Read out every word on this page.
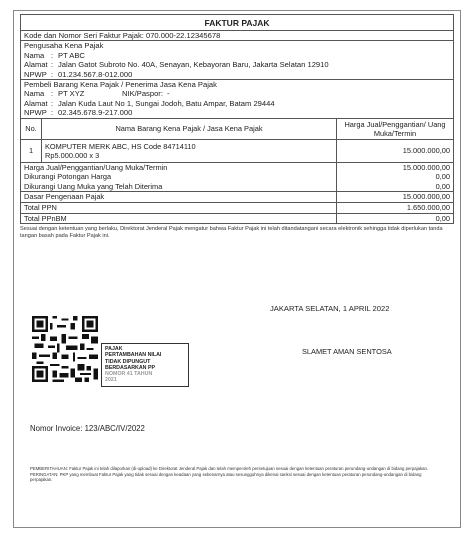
FAKTUR PAJAK
Kode dan Nomor Seri Faktur Pajak: 070.000-22.12345678
Pengusaha Kena Pajak
Nama : PT ABC
Alamat : Jalan Gatot Subroto No. 40A, Senayan, Kebayoran Baru, Jakarta Selatan 12910
NPWP : 01.234.567.8-012.000
Pembeli Barang Kena Pajak / Penerima Jasa Kena Pajak
Nama : PT XYZ	NIK/Paspor: -
Alamat : Jalan Kuda Laut No 1, Sungai Jodoh, Batu Ampar, Batam 29444
NPWP : 02.345.678.9-217.000
No.	Nama Barang Kena Pajak / Jasa Kena Pajak	Harga Jual/Penggantian/ Uang Muka/Termin
1	KOMPUTER MERK ABC, HS Code 84714110
Rp5.000.000 x 3	15.000.000,00
Harga Jual/Penggantian/Uang Muka/Termin		15.000.000,00
Dikurangi Potongan Harga		0,00
Dikurangi Uang Muka yang Telah Diterima		0,00
Dasar Pengenaan Pajak		15.000.000,00
Total PPN		1.650.000,00
Total PPnBM		0,00
Sesuai dengan ketentuan yang berlaku, Direktorat Jenderal Pajak mengatur bahwa Faktur Pajak ini telah ditandatangani secara elektronik sehingga tidak diperlukan tanda tangan basah pada Faktur Pajak ini.
JAKARTA SELATAN, 1 APRIL 2022
SLAMET AMAN SENTOSA
PAJAK
PERTAMBAHAN NILAI
TIDAK DIPUNGUT
BERDASARKAN PP
NOMOR 41 TAHUN
2021
Nomor Invoice: 123/ABC/IV/2022
PEMBERITAHUAN: Faktur Pajak ini telah dilaporkan (di-upload) ke Direktorat Jenderal Pajak dan telah memperoleh persetujuan sesuai dengan ketentuan peraturan perundang-undangan di bidang perpajakan. PERINGATAN: PKP yang membuat Faktur Pajak yang tidak sesuai dengan keadaan yang sebenarnya atau sesungguhnya dikenai sanksi sesuai dengan ketentuan peraturan perundang-undangan di bidang perpajakan.
